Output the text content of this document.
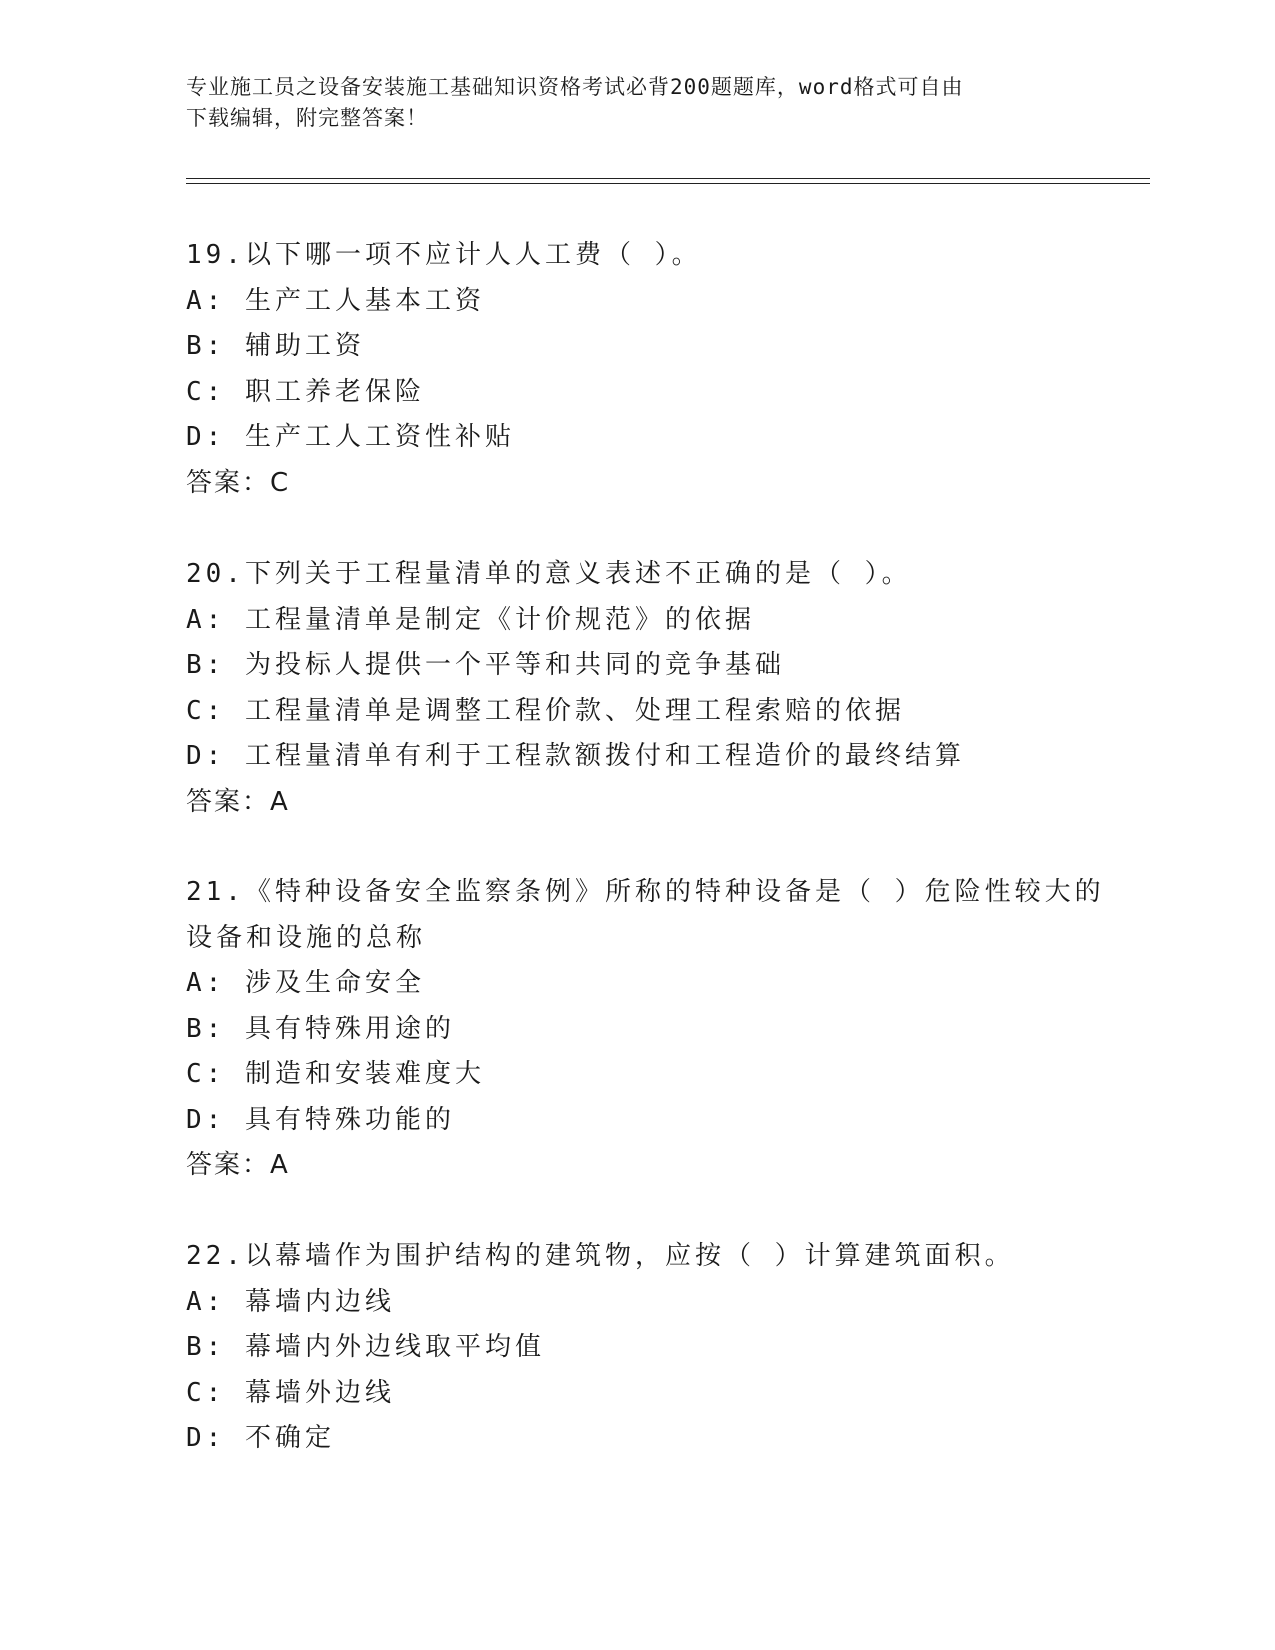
专业施工员之设备安装施工基础知识资格考试必背200题题库，word格式可自由
下载编辑，附完整答案！
19.以下哪一项不应计人人工费（ ）。
A: 生产工人基本工资
B: 辅助工资
C: 职工养老保险
D: 生产工人工资性补贴
答案：C
20.下列关于工程量清单的意义表述不正确的是（ ）。
A: 工程量清单是制定《计价规范》的依据
B: 为投标人提供一个平等和共同的竞争基础
C: 工程量清单是调整工程价款、处理工程索赔的依据
D: 工程量清单有利于工程款额拨付和工程造价的最终结算
答案：A
21.《特种设备安全监察条例》所称的特种设备是（ ）危险性较大的
设备和设施的总称
A: 涉及生命安全
B: 具有特殊用途的
C: 制造和安装难度大
D: 具有特殊功能的
答案：A
22.以幕墙作为围护结构的建筑物，应按（ ）计算建筑面积。
A: 幕墙内边线
B: 幕墙内外边线取平均值
C: 幕墙外边线
D: 不确定
